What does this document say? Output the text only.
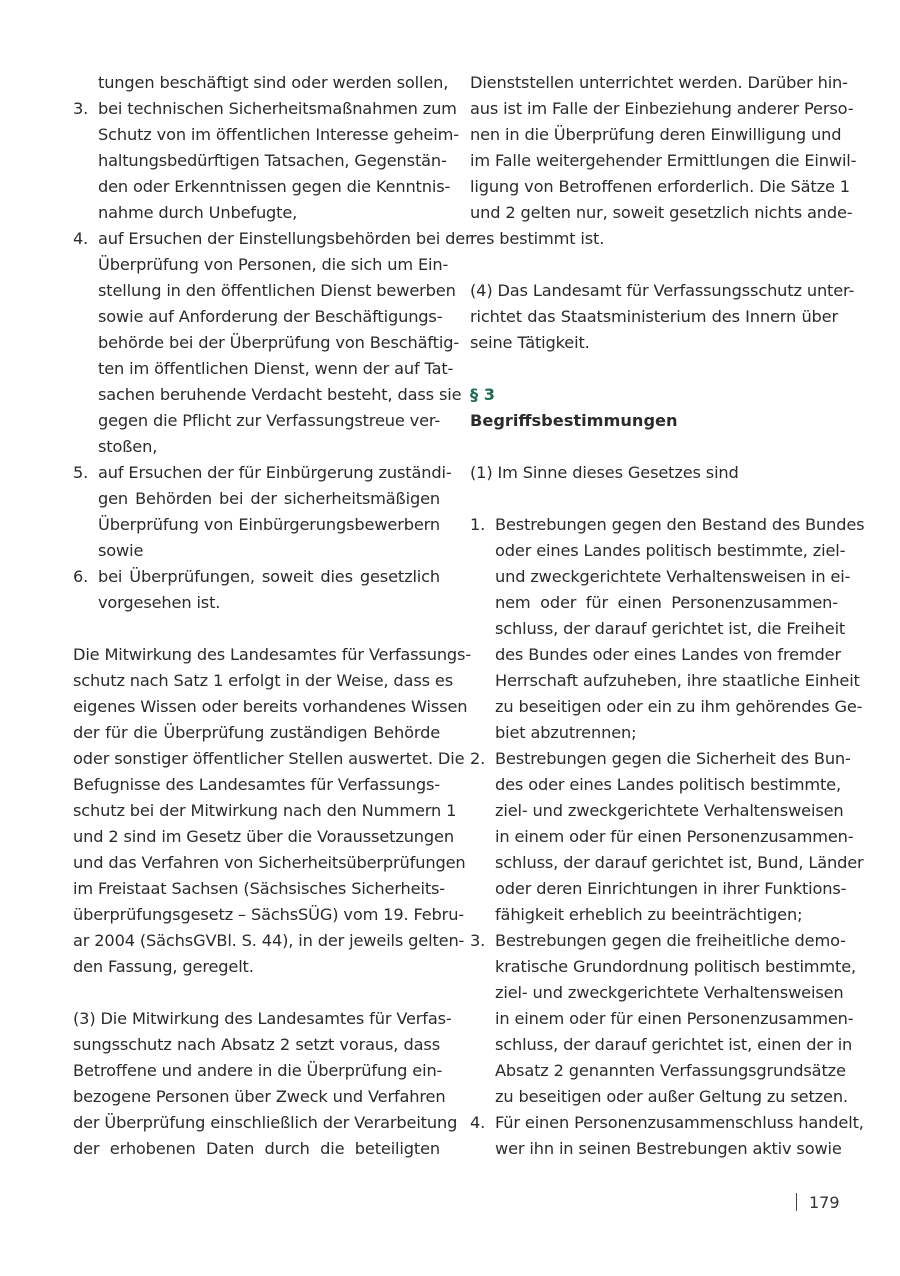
tungen beschäftigt sind oder werden sollen,
3. bei technischen Sicherheitsmaßnahmen zum
Schutz von im öffentlichen Interesse geheim-
haltungsbedürftigen Tatsachen, Gegenstän-
den oder Erkenntnissen gegen die Kenntnis-
nahme durch Unbefugte,
4. auf Ersuchen der Einstellungsbehörden bei der
Überprüfung von Personen, die sich um Ein-
stellung in den öffentlichen Dienst bewerben
sowie auf Anforderung der Beschäftigungs-
behörde bei der Überprüfung von Beschäftig-
ten im öffentlichen Dienst, wenn der auf Tat-
sachen beruhende Verdacht besteht, dass sie
gegen die Pflicht zur Verfassungstreue ver-
stoßen,
5. auf Ersuchen der für Einbürgerung zuständi-
gen Behörden bei der sicherheitsmäßigen
Überprüfung von Einbürgerungsbewerbern
sowie
6. bei Überprüfungen, soweit dies gesetzlich
vorgesehen ist.
Die Mitwirkung des Landesamtes für Verfassungs-
schutz nach Satz 1 erfolgt in der Weise, dass es
eigenes Wissen oder bereits vorhandenes Wissen
der für die Überprüfung zuständigen Behörde
oder sonstiger öffentlicher Stellen auswertet. Die
Befugnisse des Landesamtes für Verfassungs-
schutz bei der Mitwirkung nach den Nummern 1
und 2 sind im Gesetz über die Voraussetzungen
und das Verfahren von Sicherheitsüberprüfungen
im Freistaat Sachsen (Sächsisches Sicherheits-
überprüfungsgesetz – SächsSÜG) vom 19. Febru-
ar 2004 (SächsGVBl. S. 44), in der jeweils gelten-
den Fassung, geregelt.
(3) Die Mitwirkung des Landesamtes für Verfas-
sungsschutz nach Absatz 2 setzt voraus, dass
Betroffene und andere in die Überprüfung ein-
bezogene Personen über Zweck und Verfahren
der Überprüfung einschließlich der Verarbeitung
der erhobenen Daten durch die beteiligten
Dienststellen unterrichtet werden. Darüber hin-
aus ist im Falle der Einbeziehung anderer Perso-
nen in die Überprüfung deren Einwilligung und
im Falle weitergehender Ermittlungen die Einwil-
ligung von Betroffenen erforderlich. Die Sätze 1
und 2 gelten nur, soweit gesetzlich nichts ande-
res bestimmt ist.
(4) Das Landesamt für Verfassungsschutz unter-
richtet das Staatsministerium des Innern über
seine Tätigkeit.
§ 3
Begriffsbestimmungen
(1) Im Sinne dieses Gesetzes sind
1. Bestrebungen gegen den Bestand des Bundes
oder eines Landes politisch bestimmte, ziel-
und zweckgerichtete Verhaltensweisen in ei-
nem oder für einen Personenzusammen-
schluss, der darauf gerichtet ist, die Freiheit
des Bundes oder eines Landes von fremder
Herrschaft aufzuheben, ihre staatliche Einheit
zu beseitigen oder ein zu ihm gehörendes Ge-
biet abzutrennen;
2. Bestrebungen gegen die Sicherheit des Bun-
des oder eines Landes politisch bestimmte,
ziel- und zweckgerichtete Verhaltensweisen
in einem oder für einen Personenzusammen-
schluss, der darauf gerichtet ist, Bund, Länder
oder deren Einrichtungen in ihrer Funktions-
fähigkeit erheblich zu beeinträchtigen;
3. Bestrebungen gegen die freiheitliche demo-
kratische Grundordnung politisch bestimmte,
ziel- und zweckgerichtete Verhaltensweisen
in einem oder für einen Personenzusammen-
schluss, der darauf gerichtet ist, einen der in
Absatz 2 genannten Verfassungsgrundsätze
zu beseitigen oder außer Geltung zu setzen.
4. Für einen Personenzusammenschluss handelt,
wer ihn in seinen Bestrebungen aktiv sowie
179
